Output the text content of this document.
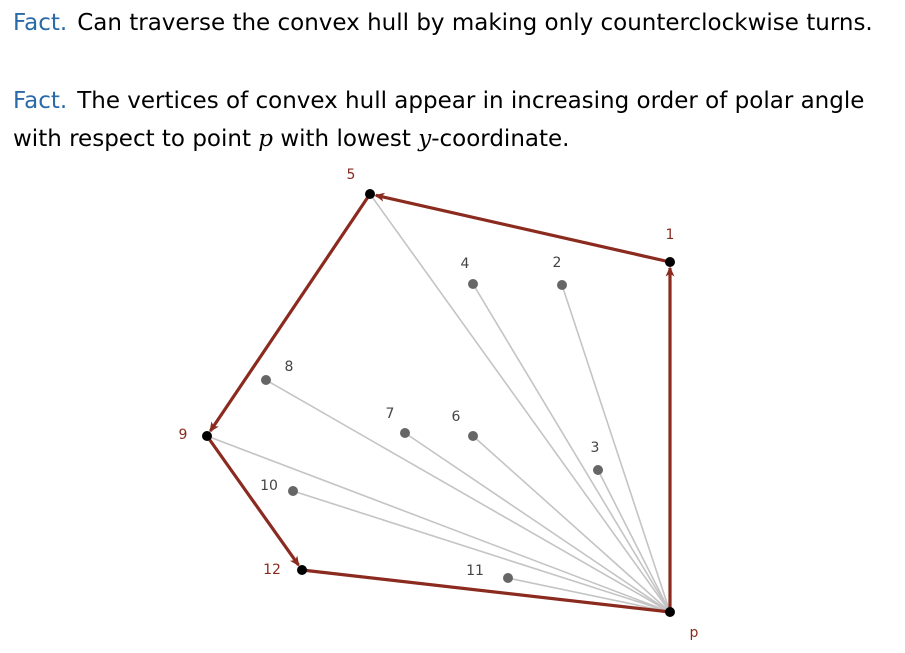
Fact. Can traverse the convex hull by making only counterclockwise turns.

Fact. The vertices of convex hull appear in increasing order of polar angle
with respect to point p with lowest y-coordinate.

p
1
2
3
4
5
6
7
8
9
10
11
12
